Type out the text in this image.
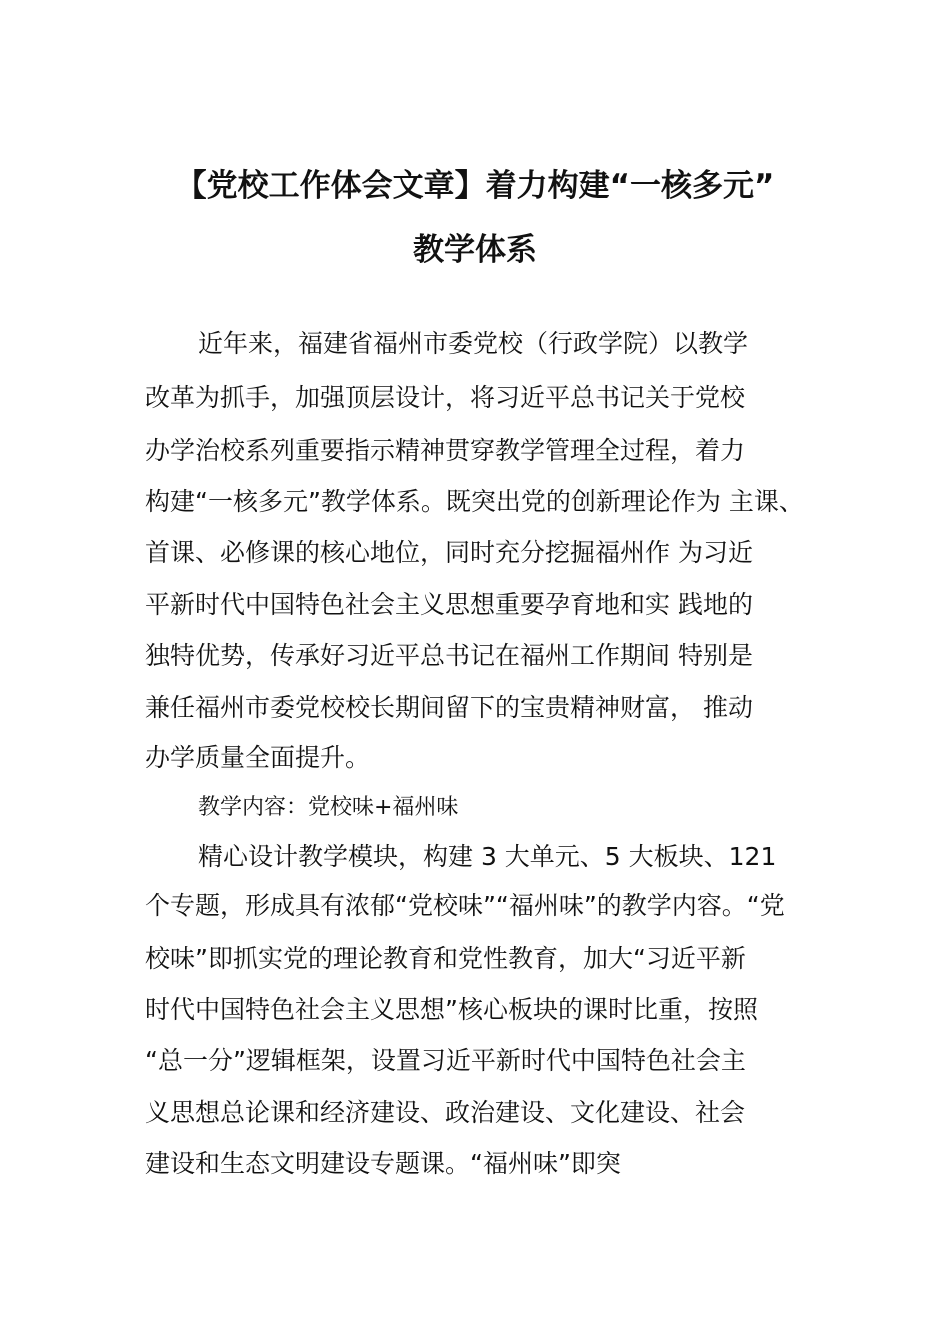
【党校工作体会文章】着力构建“一核多元”
教学体系
近年来，福建省福州市委党校（行政学院）以教学
改革为抓手，加强顶层设计，将习近平总书记关于党校
办学治校系列重要指示精神贯穿教学管理全过程，着力
构建“一核多元”教学体系。既突出党的创新理论作为 主课、
首课、必修课的核心地位，同时充分挖掘福州作 为习近
平新时代中国特色社会主义思想重要孕育地和实 践地的
独特优势，传承好习近平总书记在福州工作期间 特别是
兼任福州市委党校校长期间留下的宝贵精神财富， 推动
办学质量全面提升。
教学内容：党校味+福州味
精心设计教学模块，构建 3 大单元、5 大板块、121
个专题，形成具有浓郁“党校味”“福州味”的教学内容。“党
校味”即抓实党的理论教育和党性教育，加大“习近平新
时代中国特色社会主义思想”核心板块的课时比重，按照
“总一分”逻辑框架，设置习近平新时代中国特色社会主
义思想总论课和经济建设、政治建设、文化建设、社会
建设和生态文明建设专题课。“福州味”即突
